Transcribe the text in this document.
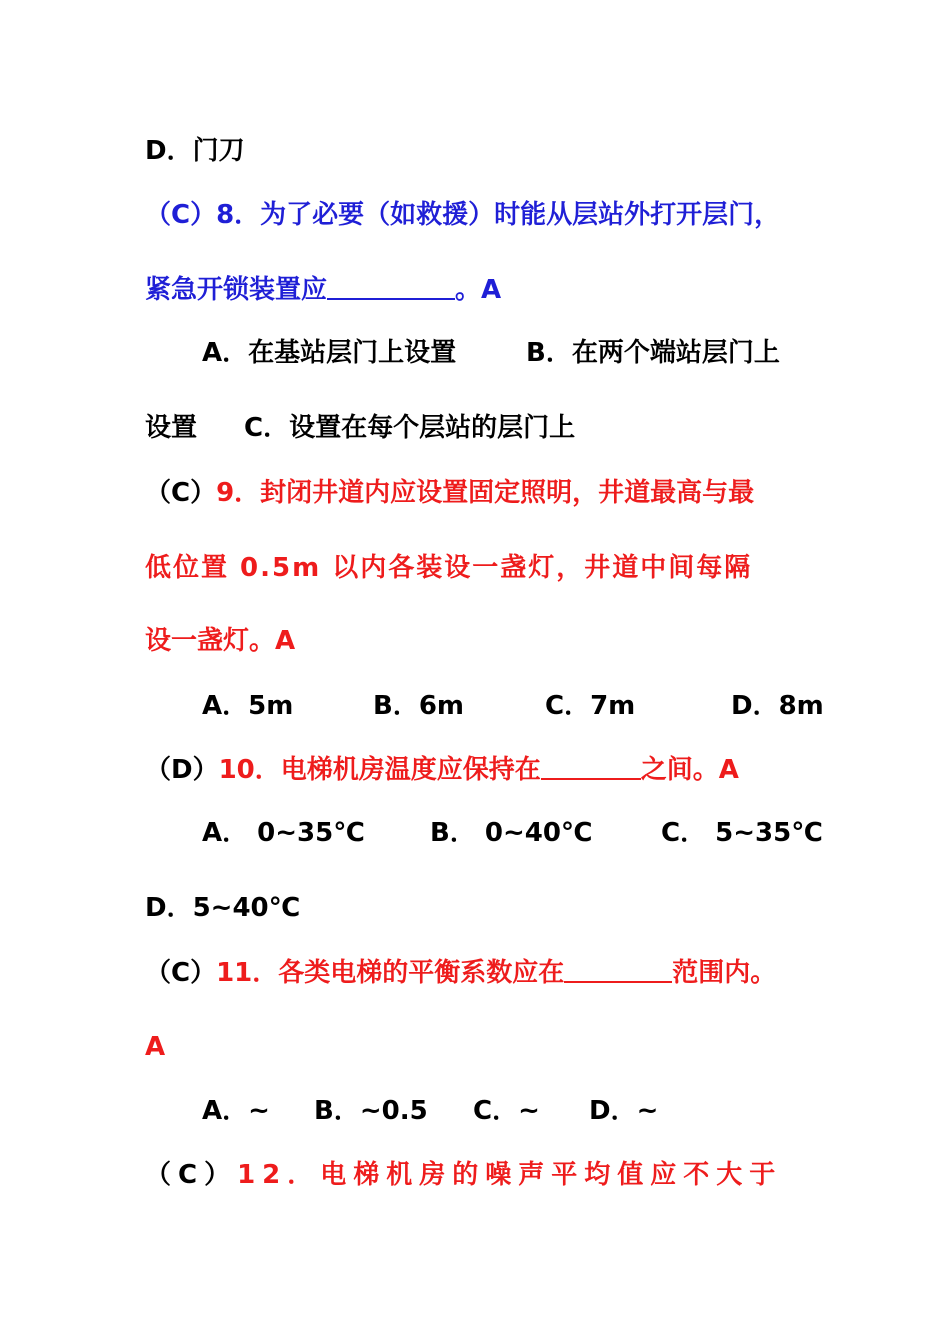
D．门刀
（C）8．为了必要（如救援）时能从层站外打开层门，
紧急开锁装置应	。A
A．在基站层门上设置	B．在两个端站层门上
设置 C．设置在每个层站的层门上
（C）9．封闭井道内应设置固定照明，井道最高与最
低位置 0.5m 以内各装设一盏灯，井道中间每隔
设一盏灯。A
A．5m	B．6m	C．7m	D．8m
（D）10．电梯机房温度应保持在	之间。A
A． 0~35℃	B． 0~40℃	C． 5~35℃
D．5~40℃
（C）11．各类电梯的平衡系数应在	范围内。
A
A．~ B．~0.5 C．~ D．~
（C）12．电梯机房的噪声平均值应不大于
